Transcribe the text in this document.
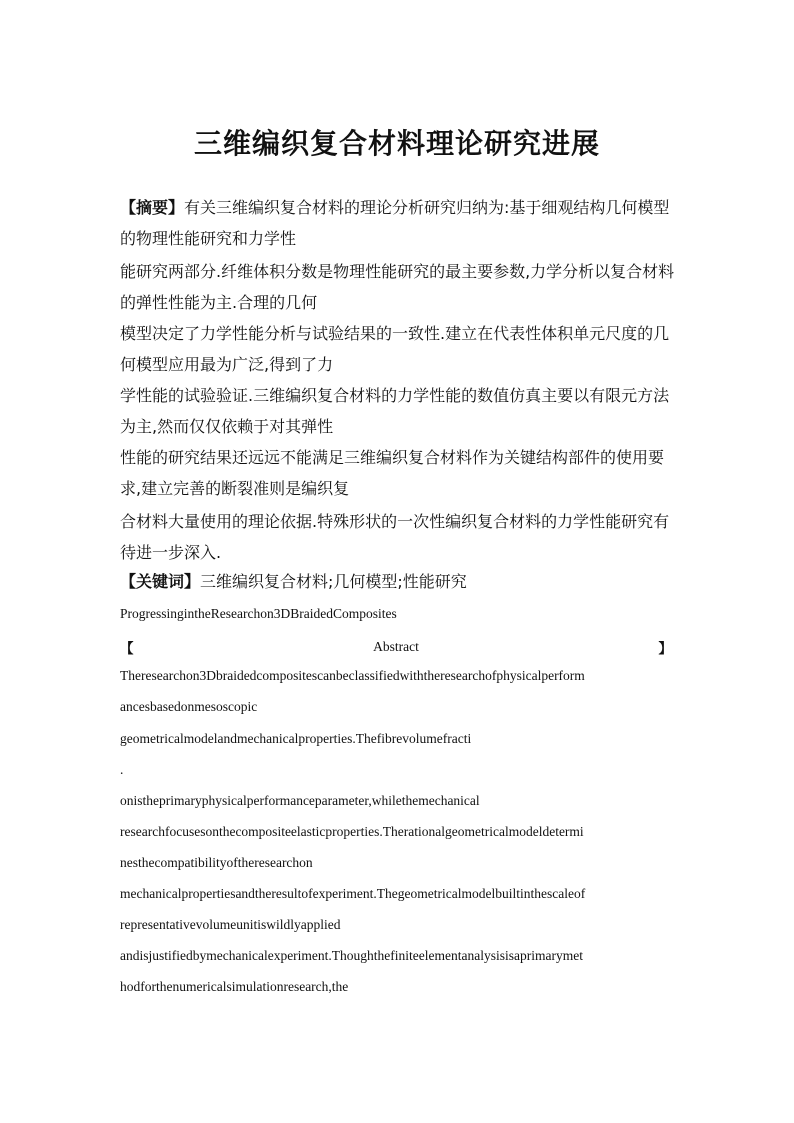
三维编织复合材料理论研究进展

【摘要】有关三维编织复合材料的理论分析研究归纳为:基于细观结构几何模型

的物理性能研究和力学性

能研究两部分.纤维体积分数是物理性能研究的最主要参数,力学分析以复合材料

的弹性性能为主.合理的几何

模型决定了力学性能分析与试验结果的一致性.建立在代表性体积单元尺度的几

何模型应用最为广泛,得到了力

学性能的试验验证.三维编织复合材料的力学性能的数值仿真主要以有限元方法

为主,然而仅仅依赖于对其弹性

性能的研究结果还远远不能满足三维编织复合材料作为关键结构部件的使用要

求,建立完善的断裂准则是编织复

合材料大量使用的理论依据.特殊形状的一次性编织复合材料的力学性能研究有

待进一步深入.

【关键词】三维编织复合材料;几何模型;性能研究

ProgressingintheResearchon3DBraidedComposites

【	Abstract	】

Theresearchon3Dbraidedcompositescanbeclassifiedwiththeresearchofphysicalperform

ancesbasedonmesoscopic

geometricalmodelandmechanicalproperties.Thefibrevolumefracti

.

onistheprimaryphysicalperformanceparameter,whilethemechanical

researchfocusesonthecompositeelasticproperties.Therationalgeometricalmodeldetermi

nesthecompatibilityoftheresearchon

mechanicalpropertiesandtheresultofexperiment.Thegeometricalmodelbuiltinthescaleof

representativevolumeunitiswildlyapplied

andisjustifiedbymechanicalexperiment.Thoughthefiniteelementanalysisisaprimarymet

hodforthenumericalsimulationresearch,the
